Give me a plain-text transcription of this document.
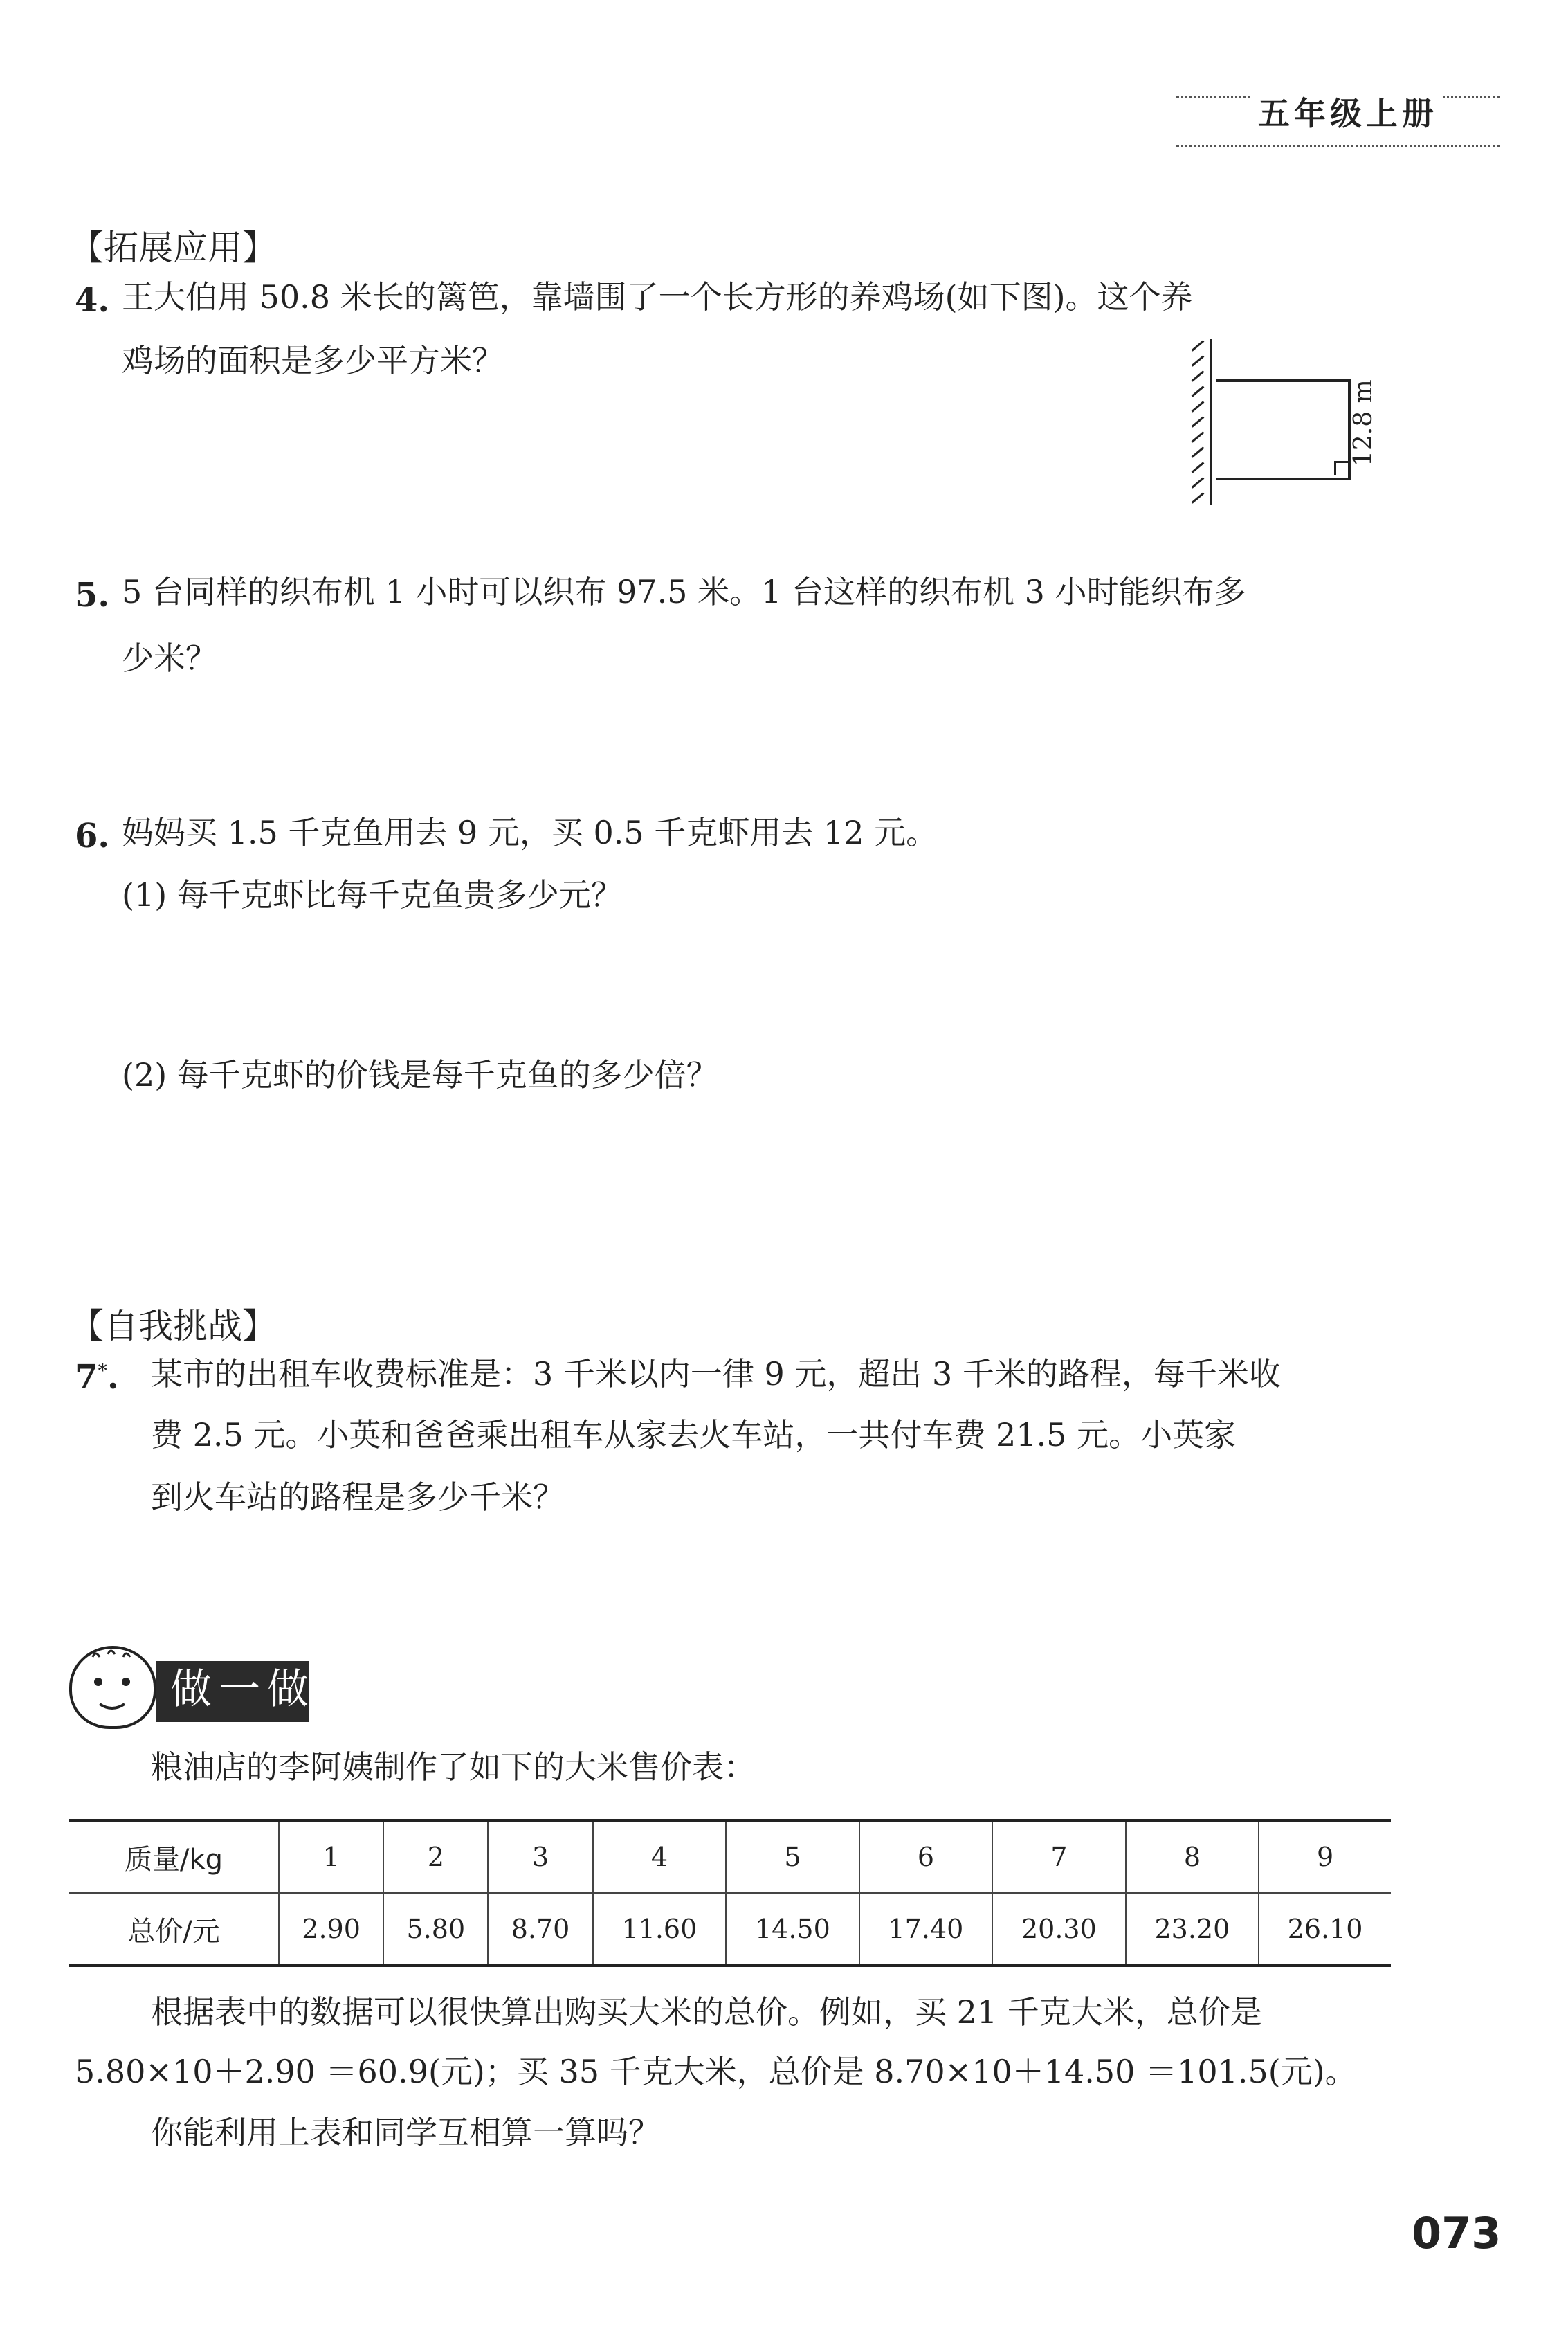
五年级上册
【拓展应用】
4. 王大伯用 50.8 米长的篱笆，靠墙围了一个长方形的养鸡场(如下图)。这个养
鸡场的面积是多少平方米？
12.8 m
5. 5 台同样的织布机 1 小时可以织布 97.5 米。1 台这样的织布机 3 小时能织布多
少米？
6. 妈妈买 1.5 千克鱼用去 9 元，买 0.5 千克虾用去 12 元。
(1) 每千克虾比每千克鱼贵多少元？
(2) 每千克虾的价钱是每千克鱼的多少倍？
【自我挑战】
7*. 某市的出租车收费标准是：3 千米以内一律 9 元，超出 3 千米的路程，每千米收
费 2.5 元。小英和爸爸乘出租车从家去火车站，一共付车费 21.5 元。小英家
到火车站的路程是多少千米？
做一做
粮油店的李阿姨制作了如下的大米售价表：
质量/kg	1	2	3	4	5	6	7	8	9
总价/元	2.90	5.80	8.70	11.60	14.50	17.40	20.30	23.20	26.10
根据表中的数据可以很快算出购买大米的总价。例如，买 21 千克大米，总价是
5.80×10＋2.90 ＝60.9(元)；买 35 千克大米，总价是 8.70×10＋14.50 ＝101.5(元)。
你能利用上表和同学互相算一算吗？
073
